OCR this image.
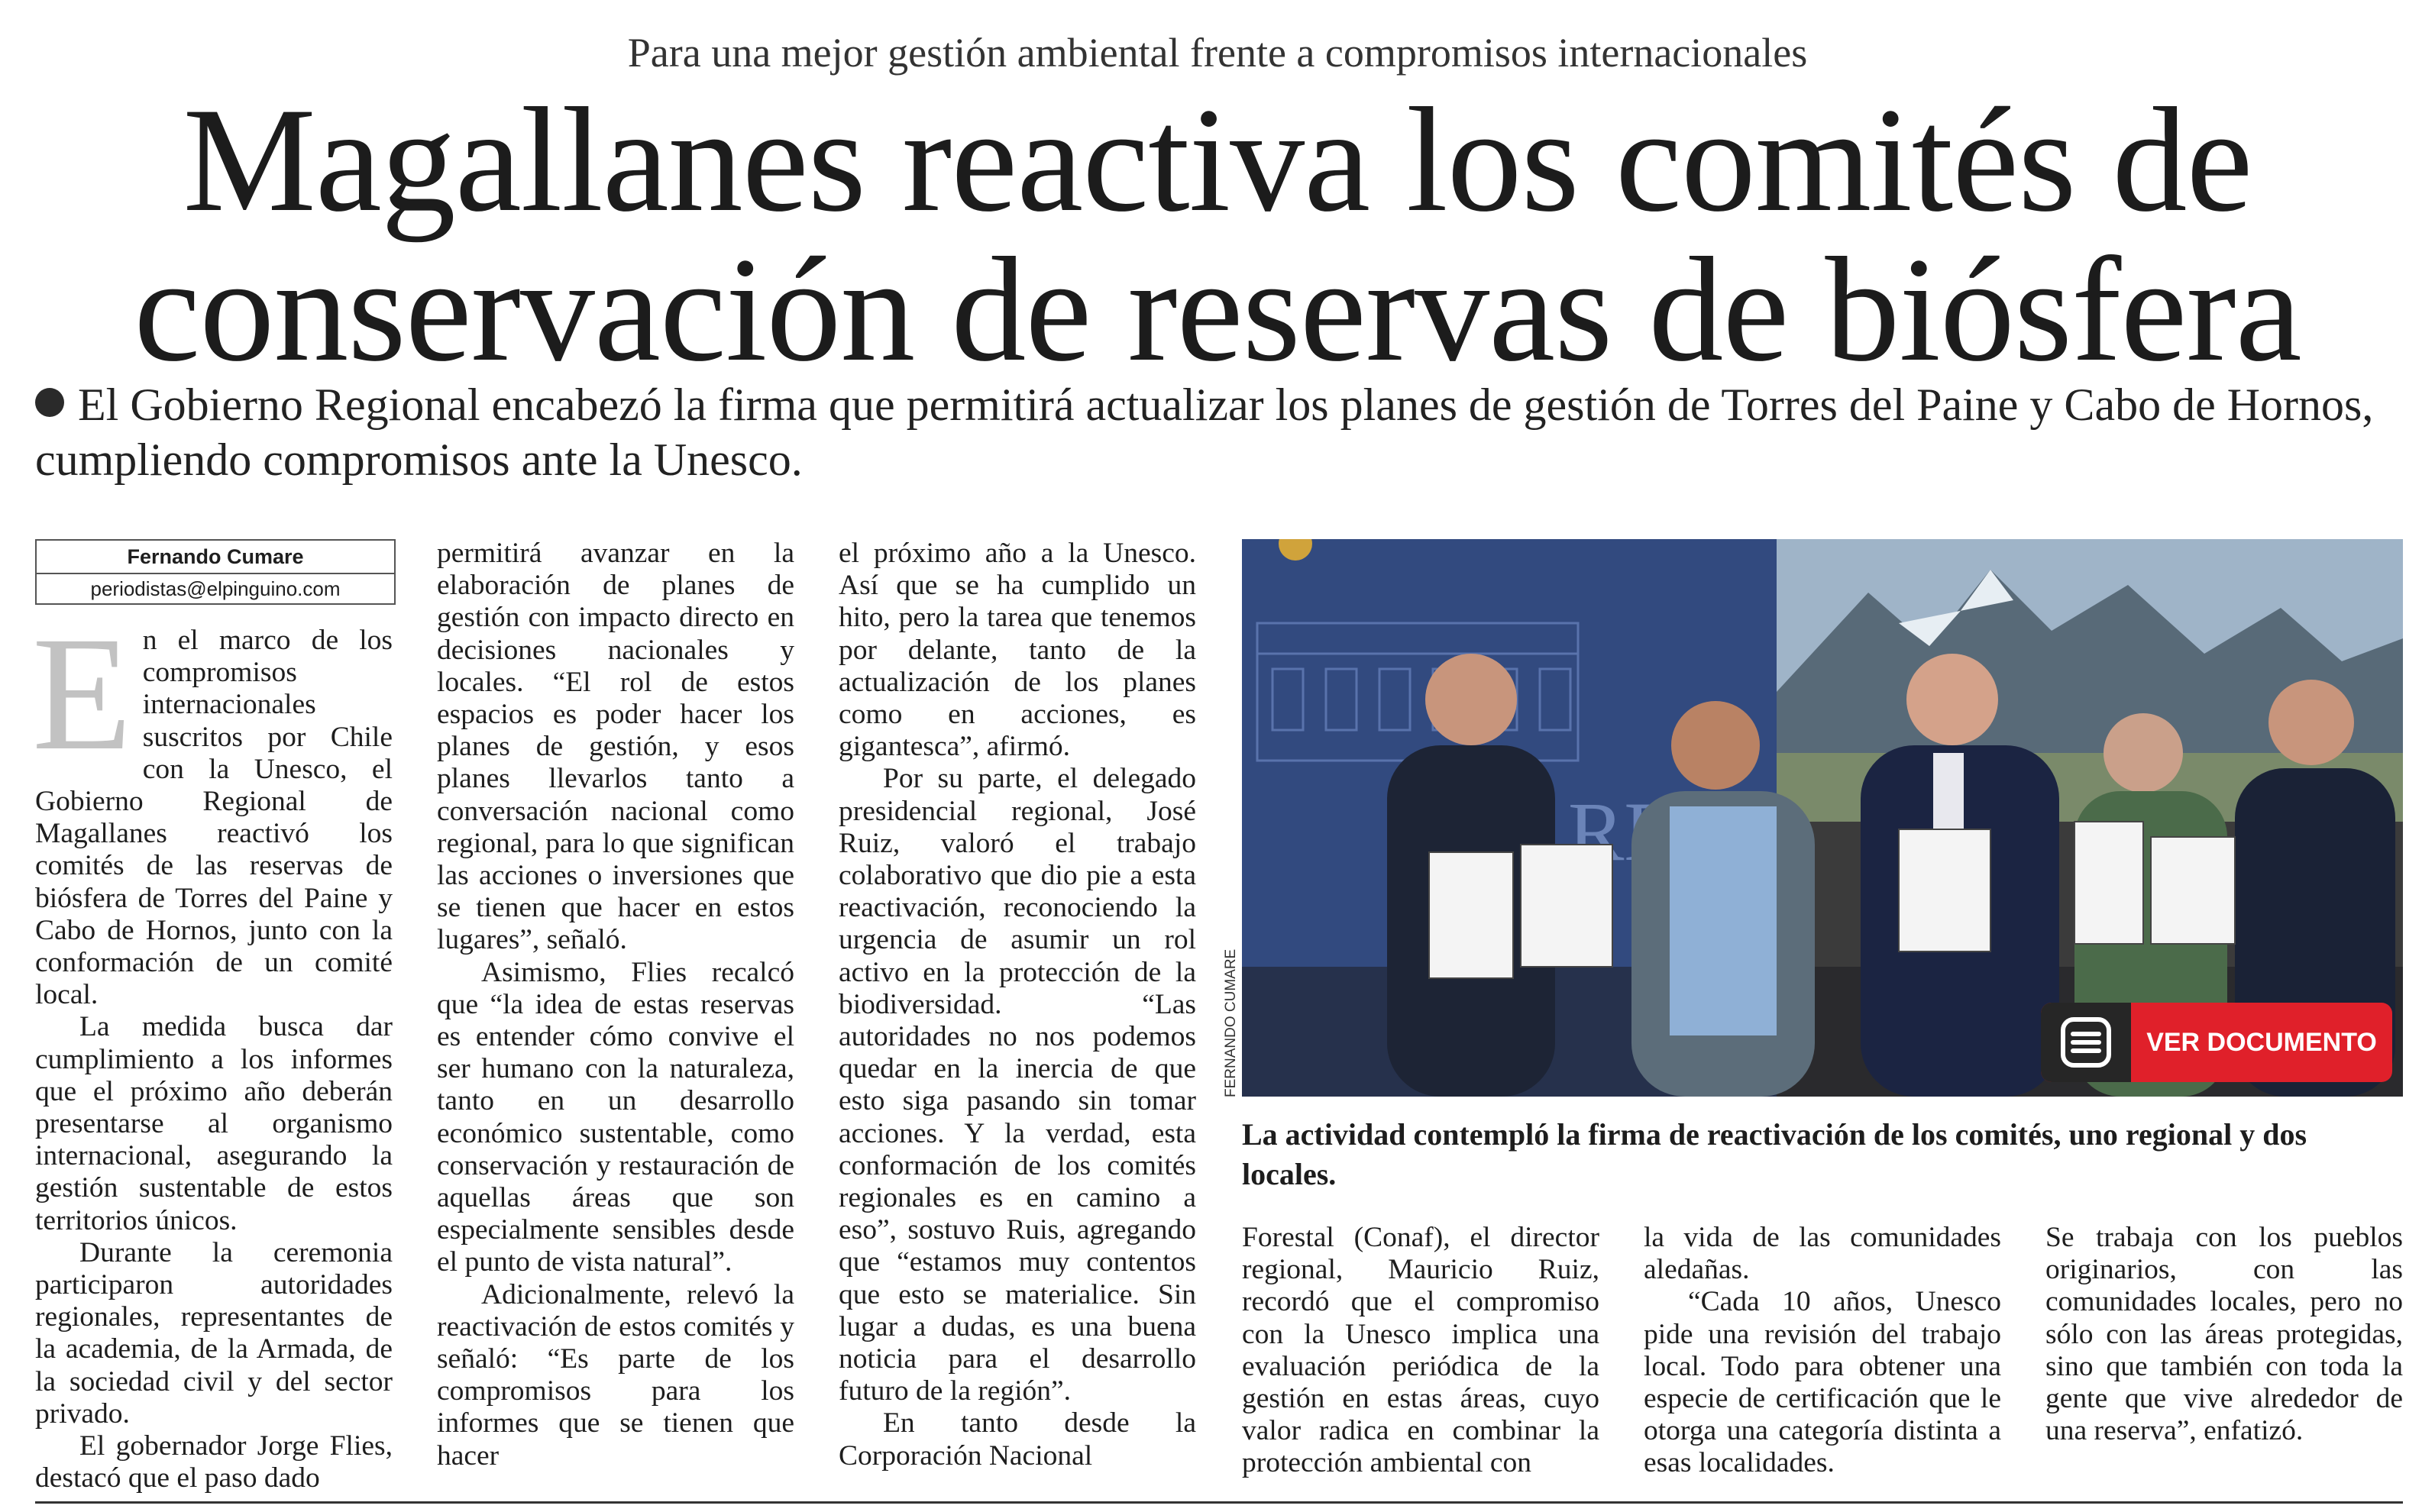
Para una mejor gestión ambiental frente a compromisos internacionales
Magallanes reactiva los comités de
conservación de reservas de biósfera
El Gobierno Regional encabezó la firma que permitirá actualizar los planes de gestión de Torres del Paine y Cabo de Hornos, cumpliendo compromisos ante la Unesco.
Fernando Cumare
periodistas@elpinguino.com

En el marco de los compromisos internacionales suscritos por Chile con la Unesco, el Gobierno Regional de Magallanes reactivó los comités de las reservas de biósfera de Torres del Paine y Cabo de Hornos, junto con la conformación de un comité local.

La medida busca dar cumplimiento a los informes que el próximo año deberán presentarse al organismo internacional, asegurando la gestión sustentable de estos territorios únicos.

Durante la ceremonia participaron autoridades regionales, representantes de la academia, de la Armada, de la sociedad civil y del sector privado.

El gobernador Jorge Flies, destacó que el paso dado

permitirá avanzar en la elaboración de planes de gestión con impacto directo en decisiones nacionales y locales. “El rol de estos espacios es poder hacer los planes de gestión, y esos planes llevarlos tanto a conversación nacional como regional, para lo que significan las acciones o inversiones que se tienen que hacer en estos lugares”, señaló.

Asimismo, Flies recalcó que “la idea de estas reservas es entender cómo convive el ser humano con la naturaleza, tanto en un desarrollo económico sustentable, como conservación y restauración de aquellas áreas que son especialmente sensibles desde el punto de vista natural”.

Adicionalmente, relevó la reactivación de estos comités y señaló: “Es parte de los compromisos para los informes que se tienen que hacer

el próximo año a la Unesco. Así que se ha cumplido un hito, pero la tarea que tenemos por delante, tanto de la actualización de los planes como en acciones, es gigantesca”, afirmó.

Por su parte, el delegado presidencial regional, José Ruiz, valoró el trabajo colaborativo que dio pie a esta reactivación, reconociendo la urgencia de asumir un rol activo en la protección de la biodiversidad. “Las autoridades no nos podemos quedar en la inercia de que esto siga pasando sin tomar acciones. Y la verdad, esta conformación de los comités regionales es en camino a eso”, sostuvo Ruis, agregando que “estamos muy contentos que esto se materialice. Sin lugar a dudas, es una buena noticia para el desarrollo futuro de la región”.

En tanto desde la Corporación Nacional

FERNANDO CUMARE	VER DOCUMENTO
La actividad contempló la firma de reactivación de los comités, uno regional y dos locales.

Forestal (Conaf), el director regional, Mauricio Ruiz, recordó que el compromiso con la Unesco implica una evaluación periódica de la gestión en estas áreas, cuyo valor radica en combinar la protección ambiental con

la vida de las comunidades aledañas.

“Cada 10 años, Unesco pide una revisión del trabajo local. Todo para obtener una especie de certificación que le otorga una categoría distinta a esas localidades.

Se trabaja con los pueblos originarios, con las comunidades locales, pero no sólo con las áreas protegidas, sino que también con toda la gente que vive alrededor de una reserva”, enfatizó.
